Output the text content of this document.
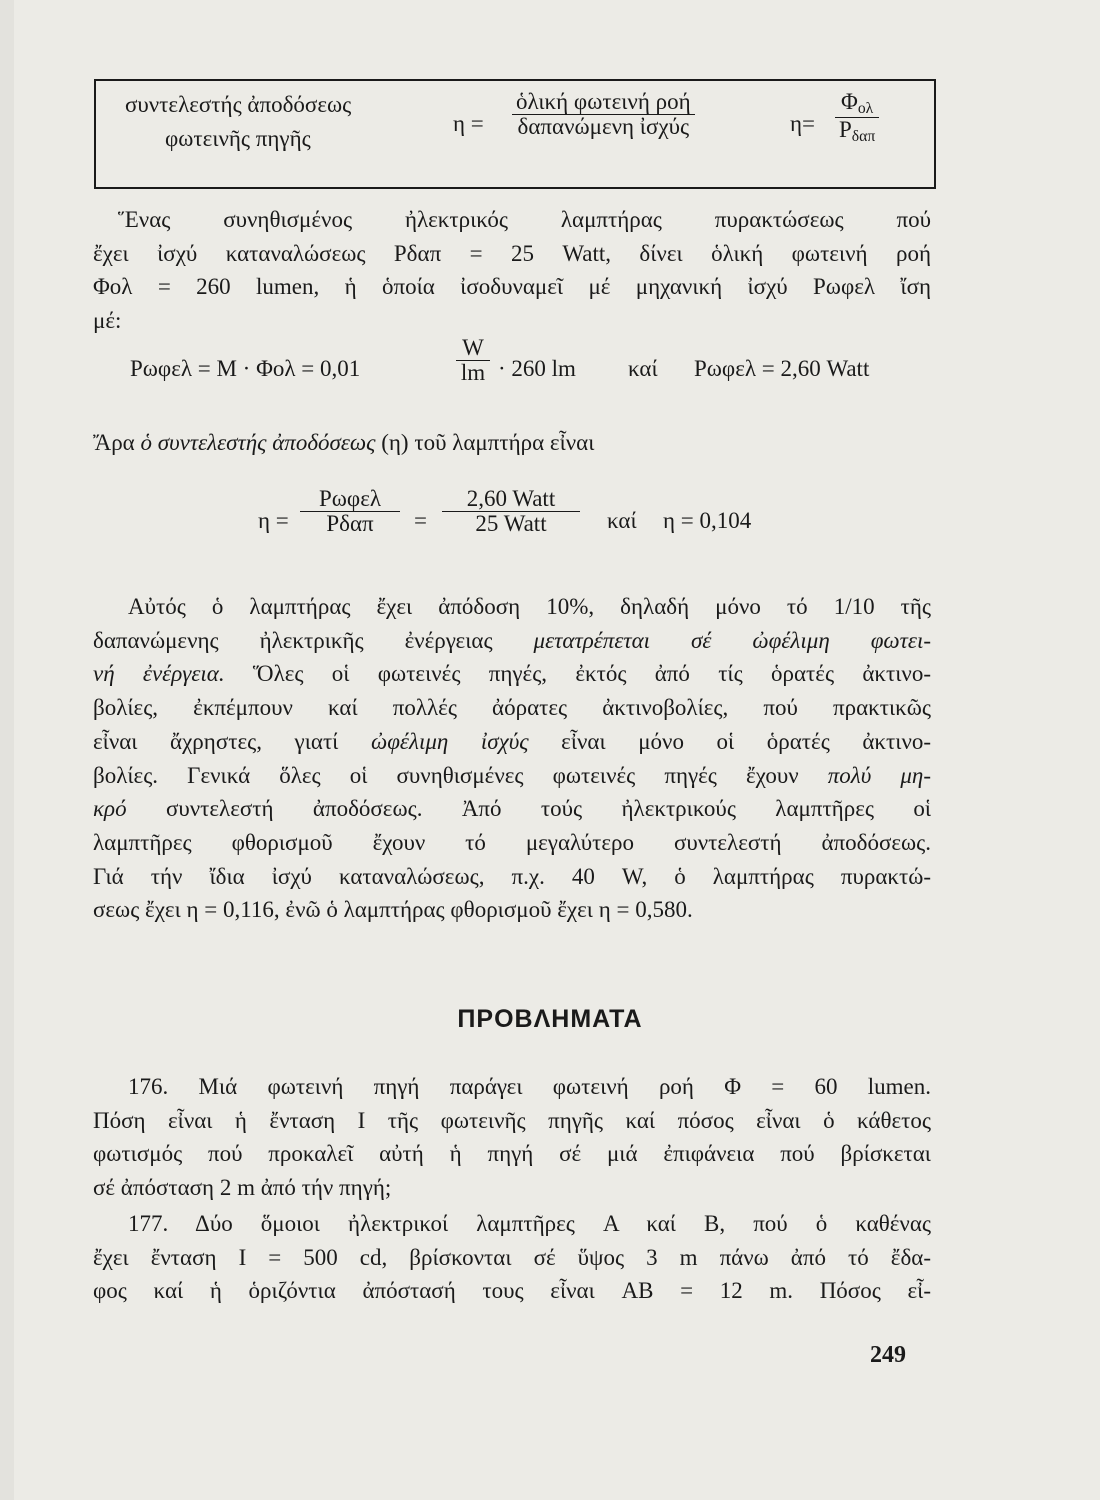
συντελεστής ἀποδόσεως
φωτεινῆς πηγῆς
η =
ὁλική φωτεινή ροή
δαπανώμενη ἰσχύς	η=
$\Phi_{o\lambda}$
$P_{\delta\alpha\pi}$
Ἕνας συνηθισμένος ἠλεκτρικός λαμπτήρας πυρακτώσεως πού
ἔχει ἰσχύ καταναλώσεως Pδαπ = 25 Watt, δίνει ὁλική φωτεινή ροή
Φολ = 260 lumen, ἡ ὁποία ἰσοδυναμεῖ μέ μηχανική ἰσχύ Pωφελ ἴση
μέ:
Pωφελ = M · Φολ = 0,01
W
lm · 260 lm καί Pωφελ = 2,60 Watt
Ἄρα ὁ συντελεστής ἀποδόσεως (η) τοῦ λαμπτήρα εἶναι
η =
Pωφελ
Pδαπ =
2,60 Watt
25 Watt	καί η = 0,104
Αὐτός ὁ λαμπτήρας ἔχει ἀπόδοση 10%, δηλαδή μόνο τό 1/10 τῆς
δαπανώμενης ἠλεκτρικῆς ἐνέργειας μετατρέπεται σέ ὠφέλιμη φωτει-
νή ἐνέργεια. Ὅλες οἱ φωτεινές πηγές, ἐκτός ἀπό τίς ὁρατές ἀκτινο-
βολίες, ἐκπέμπουν καί πολλές ἀόρατες ἀκτινοβολίες, πού πρακτικῶς
εἶναι ἄχρηστες, γιατί ὠφέλιμη ἰσχύς εἶναι μόνο οἱ ὁρατές ἀκτινο-
βολίες. Γενικά ὅλες οἱ συνηθισμένες φωτεινές πηγές ἔχουν πολύ μη-
κρό συντελεστή ἀποδόσεως. Ἀπό τούς ἠλεκτρικούς λαμπτῆρες οἱ
λαμπτῆρες φθορισμοῦ ἔχουν τό μεγαλύτερο συντελεστή ἀποδόσεως.
Γιά τήν ἴδια ἰσχύ καταναλώσεως, π.χ. 40 W, ὁ λαμπτήρας πυρακτώ-
σεως ἔχει η = 0,116, ἐνῶ ὁ λαμπτήρας φθορισμοῦ ἔχει η = 0,580.
ΠΡΟΒΛΗΜΑΤΑ
176. Μιά φωτεινή πηγή παράγει φωτεινή ροή Φ = 60 lumen.
Πόση εἶναι ἡ ἔνταση I τῆς φωτεινῆς πηγῆς καί πόσος εἶναι ὁ κάθετος
φωτισμός πού προκαλεῖ αὐτή ἡ πηγή σέ μιά ἐπιφάνεια πού βρίσκεται
σέ ἀπόσταση 2 m ἀπό τήν πηγή;
177. Δύο ὅμοιοι ἠλεκτρικοί λαμπτῆρες A καί B, πού ὁ καθένας
ἔχει ἔνταση I = 500 cd, βρίσκονται σέ ὕψος 3 m πάνω ἀπό τό ἔδα-
φος καί ἡ ὁριζόντια ἀπόστασή τους εἶναι AB = 12 m. Πόσος εἶ-
249
